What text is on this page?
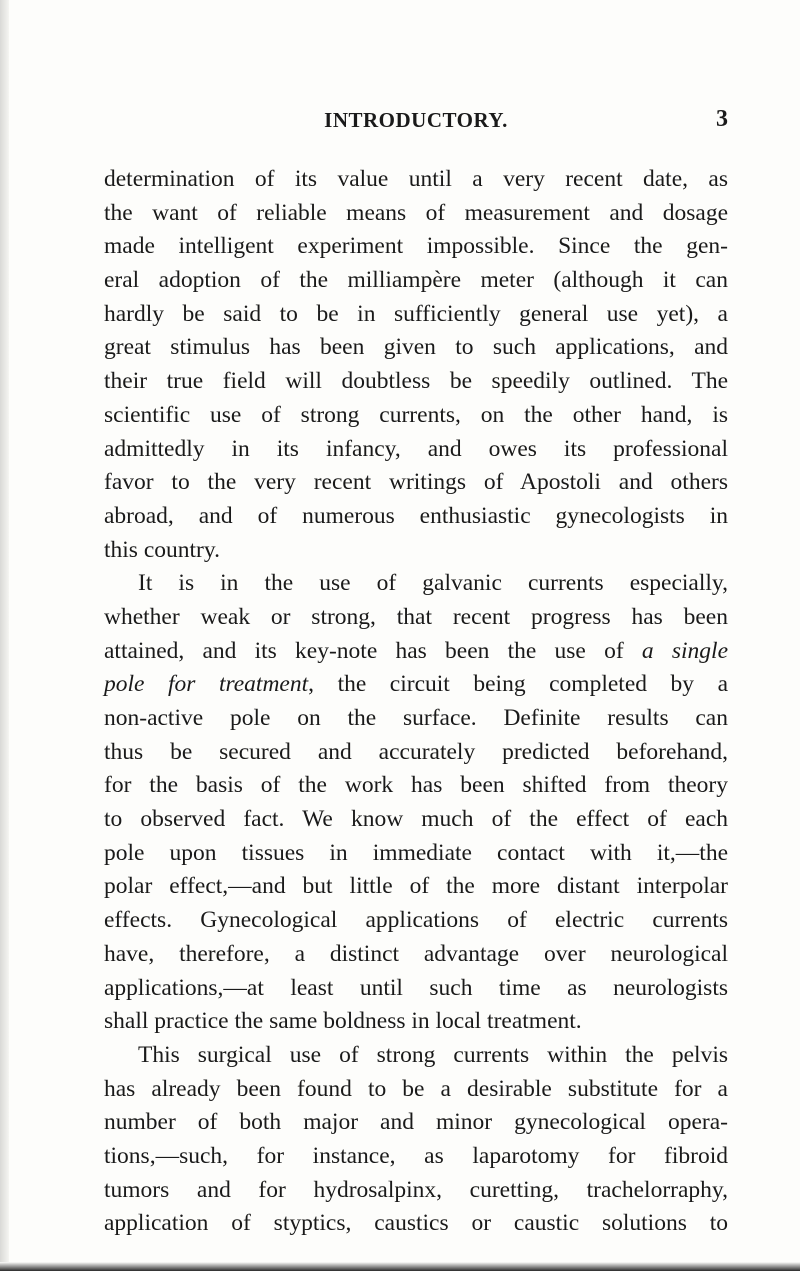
INTRODUCTORY.	3
determination of its value until a very recent date, as
the want of reliable means of measurement and dosage
made intelligent experiment impossible. Since the gen-
eral adoption of the milliampère meter (although it can
hardly be said to be in sufficiently general use yet), a
great stimulus has been given to such applications, and
their true field will doubtless be speedily outlined. The
scientific use of strong currents, on the other hand, is
admittedly in its infancy, and owes its professional
favor to the very recent writings of Apostoli and others
abroad, and of numerous enthusiastic gynecologists in
this country.
It is in the use of galvanic currents especially,
whether weak or strong, that recent progress has been
attained, and its key-note has been the use of a single
pole for treatment, the circuit being completed by a
non-active pole on the surface. Definite results can
thus be secured and accurately predicted beforehand,
for the basis of the work has been shifted from theory
to observed fact. We know much of the effect of each
pole upon tissues in immediate contact with it,—the
polar effect,—and but little of the more distant interpolar
effects. Gynecological applications of electric currents
have, therefore, a distinct advantage over neurological
applications,—at least until such time as neurologists
shall practice the same boldness in local treatment.
This surgical use of strong currents within the pelvis
has already been found to be a desirable substitute for a
number of both major and minor gynecological opera-
tions,—such, for instance, as laparotomy for fibroid
tumors and for hydrosalpinx, curetting, trachelorraphy,
application of styptics, caustics or caustic solutions to
